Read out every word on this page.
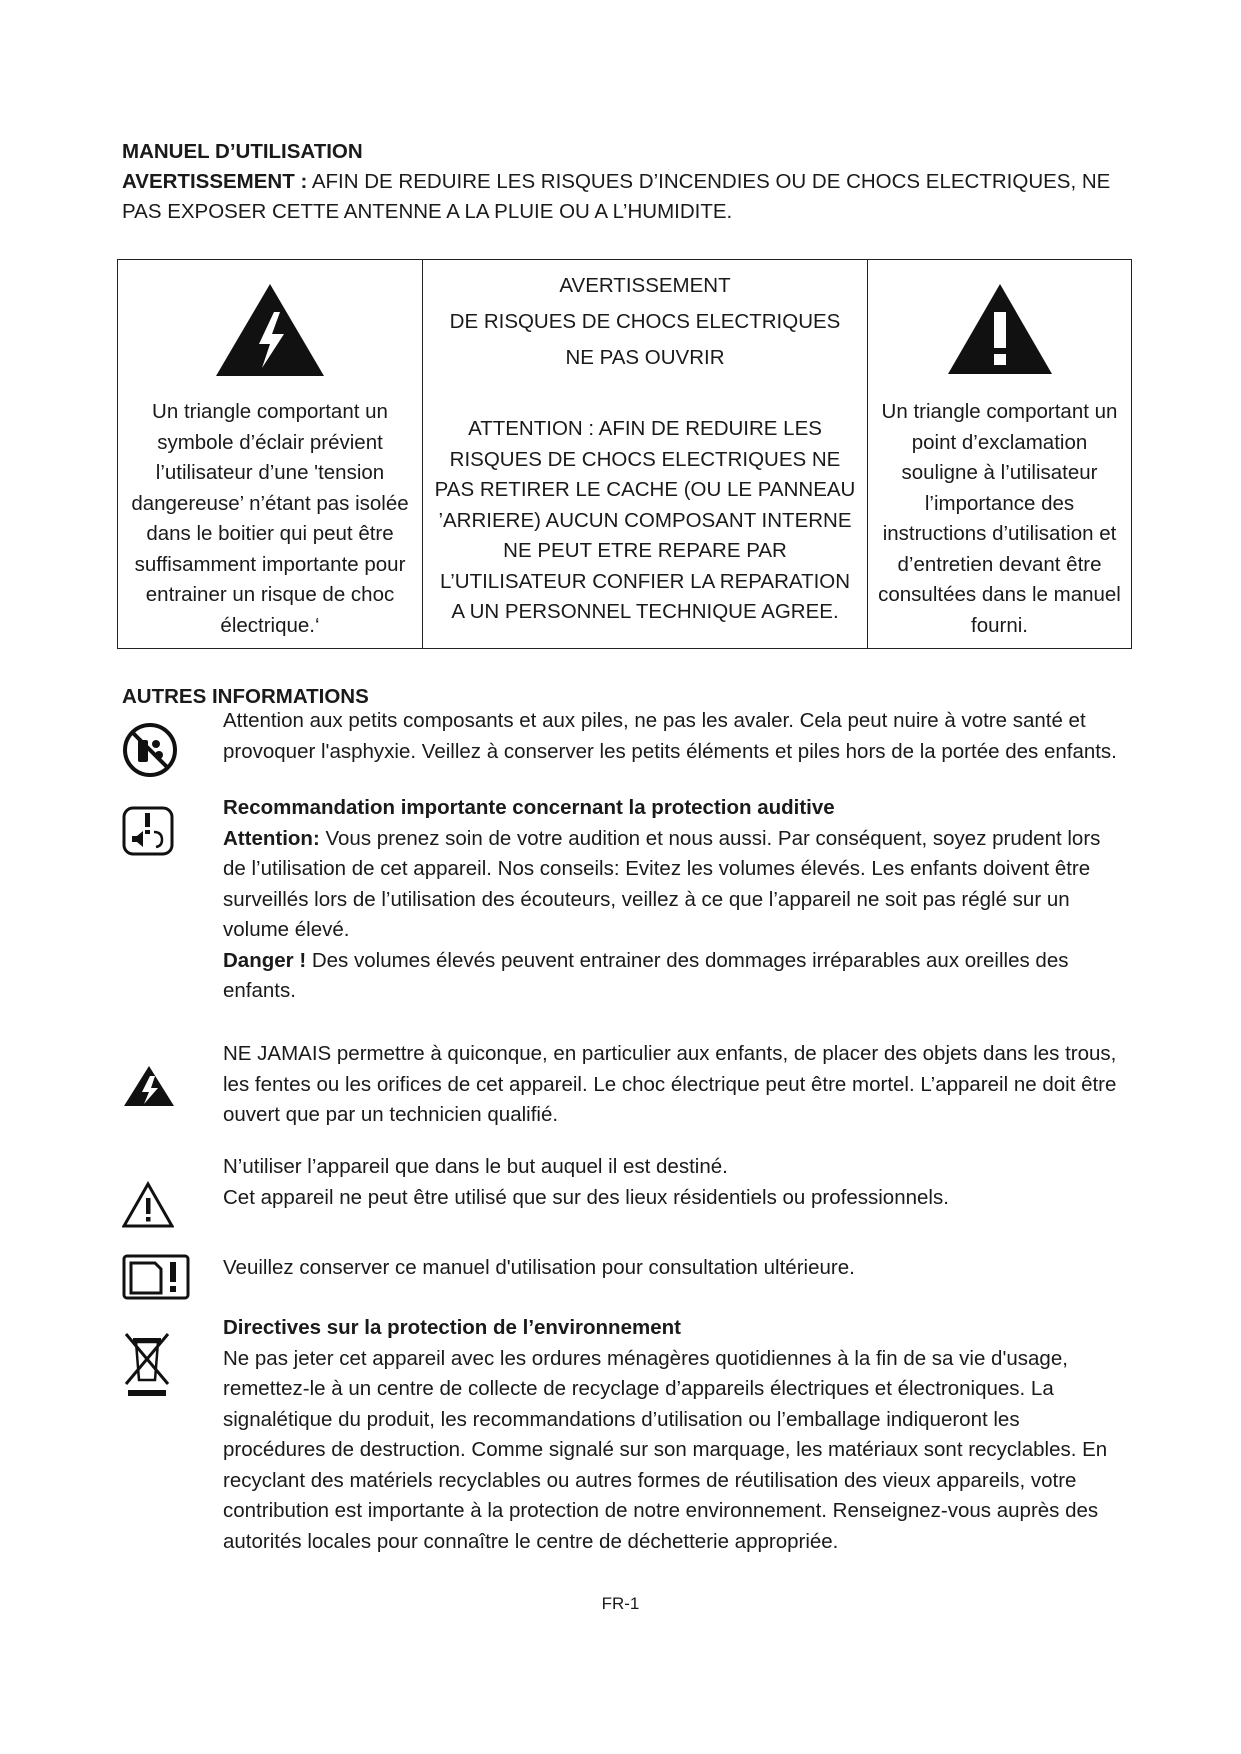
MANUEL D’UTILISATION
AVERTISSEMENT : AFIN DE REDUIRE LES RISQUES D’INCENDIES OU DE CHOCS ELECTRIQUES, NE PAS EXPOSER CETTE ANTENNE A LA PLUIE OU A L’HUMIDITE.
Un triangle comportant un
symbole d’éclair prévient
l’utilisateur d’une 'tension
dangereuse’ n’étant pas isolée
dans le boitier qui peut être
suffisamment importante pour
entrainer un risque de choc
électrique.‘
AVERTISSEMENT
DE RISQUES DE CHOCS ELECTRIQUES
NE PAS OUVRIR
ATTENTION : AFIN DE REDUIRE LES
RISQUES DE CHOCS ELECTRIQUES NE
PAS RETIRER LE CACHE (OU LE PANNEAU
’ARRIERE) AUCUN COMPOSANT INTERNE
NE PEUT ETRE REPARE PAR
L’UTILISATEUR CONFIER LA REPARATION
A UN PERSONNEL TECHNIQUE AGREE.
Un triangle comportant un
point d’exclamation
souligne à l’utilisateur
l’importance des
instructions d’utilisation et
d’entretien devant être
consultées dans le manuel
fourni.
AUTRES INFORMATIONS
Attention aux petits composants et aux piles, ne pas les avaler. Cela peut nuire à votre santé et
provoquer l'asphyxie. Veillez à conserver les petits éléments et piles hors de la portée des enfants.
Recommandation importante concernant la protection auditive
Attention: Vous prenez soin de votre audition et nous aussi. Par conséquent, soyez prudent lors
de l’utilisation de cet appareil. Nos conseils: Evitez les volumes élevés. Les enfants doivent être
surveillés lors de l’utilisation des écouteurs, veillez à ce que l’appareil ne soit pas réglé sur un
volume élevé.
Danger ! Des volumes élevés peuvent entrainer des dommages irréparables aux oreilles des
enfants.
NE JAMAIS permettre à quiconque, en particulier aux enfants, de placer des objets dans les trous,
les fentes ou les orifices de cet appareil. Le choc électrique peut être mortel. L’appareil ne doit être
ouvert que par un technicien qualifié.
N’utiliser l’appareil que dans le but auquel il est destiné.
Cet appareil ne peut être utilisé que sur des lieux résidentiels ou professionnels.
Veuillez conserver ce manuel d'utilisation pour consultation ultérieure.
Directives sur la protection de l’environnement
Ne pas jeter cet appareil avec les ordures ménagères quotidiennes à la fin de sa vie d'usage,
remettez-le à un centre de collecte de recyclage d’appareils électriques et électroniques. La
signalétique du produit, les recommandations d’utilisation ou l’emballage indiqueront les
procédures de destruction. Comme signalé sur son marquage, les matériaux sont recyclables. En
recyclant des matériels recyclables ou autres formes de réutilisation des vieux appareils, votre
contribution est importante à la protection de notre environnement. Renseignez-vous auprès des
autorités locales pour connaître le centre de déchetterie appropriée.
FR-1
